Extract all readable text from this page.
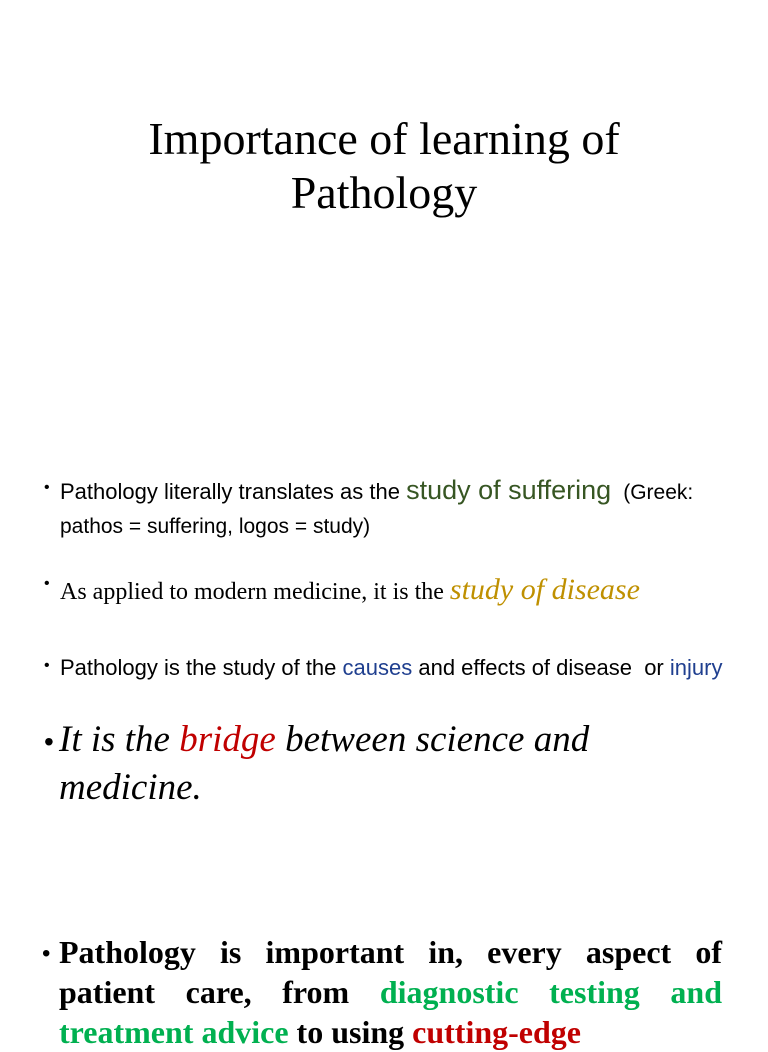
Importance of learning of
Pathology
• Pathology literally translates as the study of suffering (Greek: pathos = suffering, logos = study)
• As applied to modern medicine, it is the study of disease
• Pathology is the study of the causes and effects of disease  or injury
• It is the bridge between science and medicine.
• Pathology is important in, every aspect of patient care, from diagnostic testing and treatment advice to using cutting-edge
